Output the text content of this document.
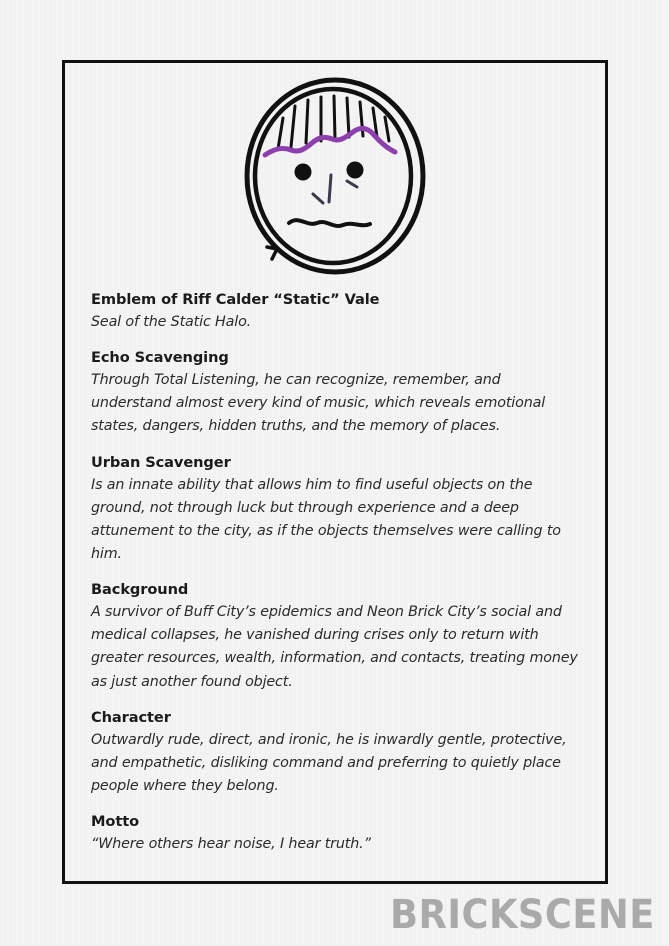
Emblem of Riff Calder “Static” Vale
Seal of the Static Halo.
Echo Scavenging
Through Total Listening, he can recognize, remember, and understand almost every kind of music, which reveals emotional states, dangers, hidden truths, and the memory of places.
Urban Scavenger
Is an innate ability that allows him to find useful objects on the ground, not through luck but through experience and a deep attunement to the city, as if the objects themselves were calling to him.
Background
A survivor of Buff City’s epidemics and Neon Brick City’s social and medical collapses, he vanished during crises only to return with greater resources, wealth, information, and contacts, treating money as just another found object.
Character
Outwardly rude, direct, and ironic, he is inwardly gentle, protective, and empathetic, disliking command and preferring to quietly place people where they belong.
Motto
“Where others hear noise, I hear truth.”
BRICKSCENE
